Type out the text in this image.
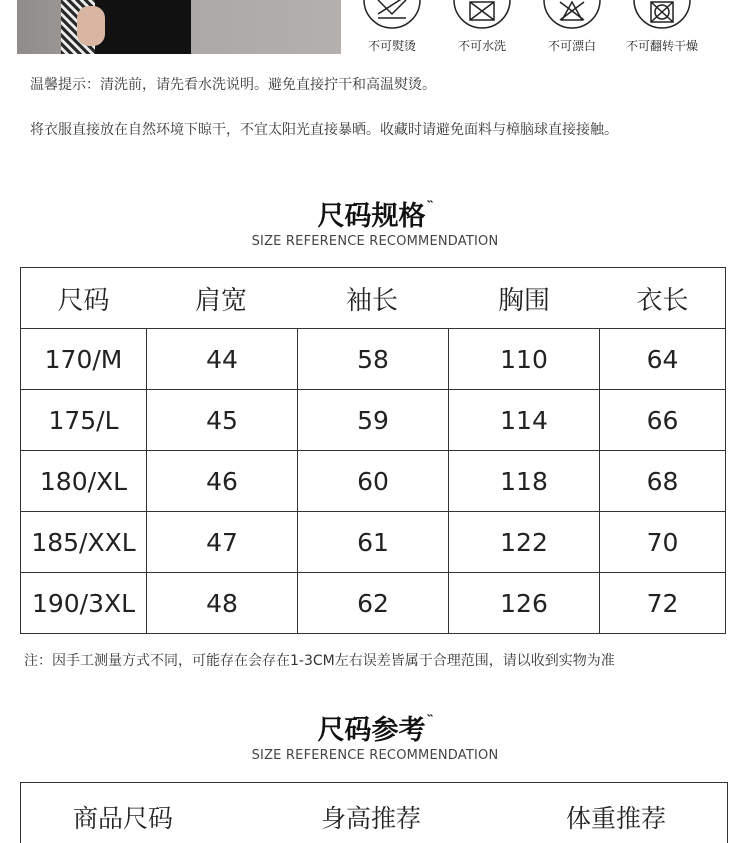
不可熨烫	不可水洗	不可漂白	不可翻转干燥
温馨提示：清洗前，请先看水洗说明。避免直接拧干和高温熨烫。
将衣服直接放在自然环境下晾干，不宜太阳光直接暴晒。收藏时请避免面料与樟脑球直接接触。
尺码规格˵
SIZE REFERENCE RECOMMENDATION
尺码 肩宽 袖长 胸围 衣长				

170/M	44	58	110	64
175/L	45	59	114	66
180/XL	46	60	118	68
185/XXL	47	61	122	70
190/3XL	48	62	126	72
注：因手工测量方式不同，可能存在会存在1-3CM左右误差皆属于合理范围，请以收到实物为准
尺码参考˵
SIZE REFERENCE RECOMMENDATION
商品尺码	身高推荐	体重推荐
